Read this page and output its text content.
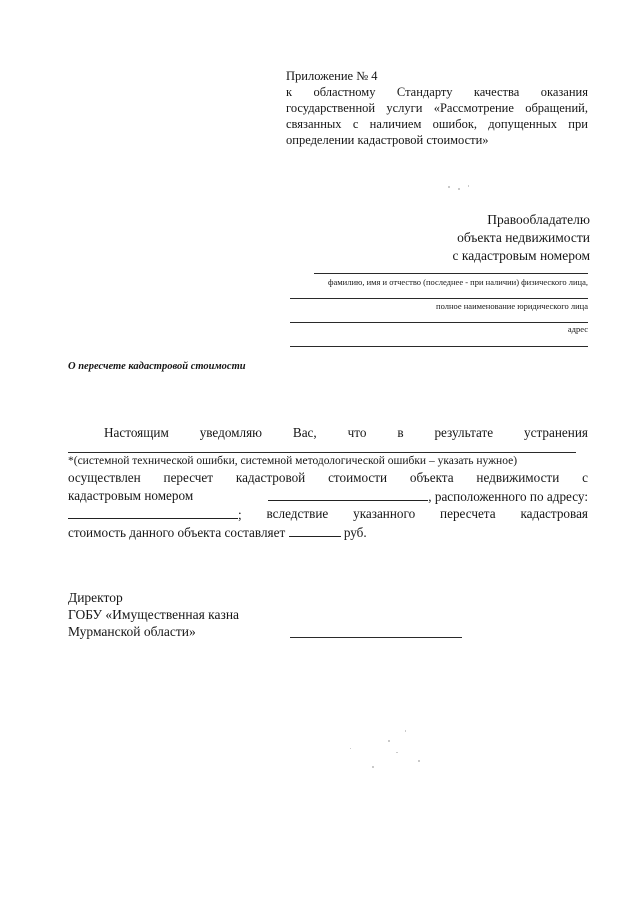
Приложение № 4
к областному Стандарту качества оказания
государственной услуги «Рассмотрение обращений,
связанных с наличием ошибок, допущенных при
определении кадастровой стоимости»
Правообладателю
объекта недвижимости
с кадастровым номером
фамилию, имя и отчество (последнее - при наличии) физического лица,
полное наименование юридического лица
адрес
О пересчете кадастровой стоимости
Настоящим уведомляю Вас, что в результате устранения
*(системной технической ошибки, системной методологической ошибки – указать нужное)
осуществлен пересчет кадастровой стоимости объекта недвижимости с
кадастровым номером	, расположенного по адресу:
; вследствие указанного пересчета кадастровая
стоимость данного объекта составляет	руб.
Директор
ГОБУ «Имущественная казна
Мурманской области»
